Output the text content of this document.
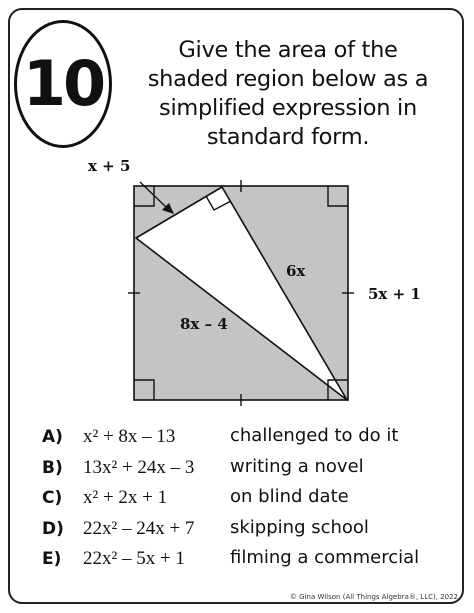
10	Give the area of the
shaded region below as a
simplified expression in
standard form.
x + 5
6x
5x + 1
8x – 4
A) x² + 8x – 13	challenged to do it
B) 13x² + 24x – 3 writing a novel
C) x² + 2x + 1	on blind date
D) 22x² – 24x + 7 skipping school
E) 22x² – 5x + 1	filming a commercial
© Gina Wilson (All Things Algebra®, LLC), 2022
